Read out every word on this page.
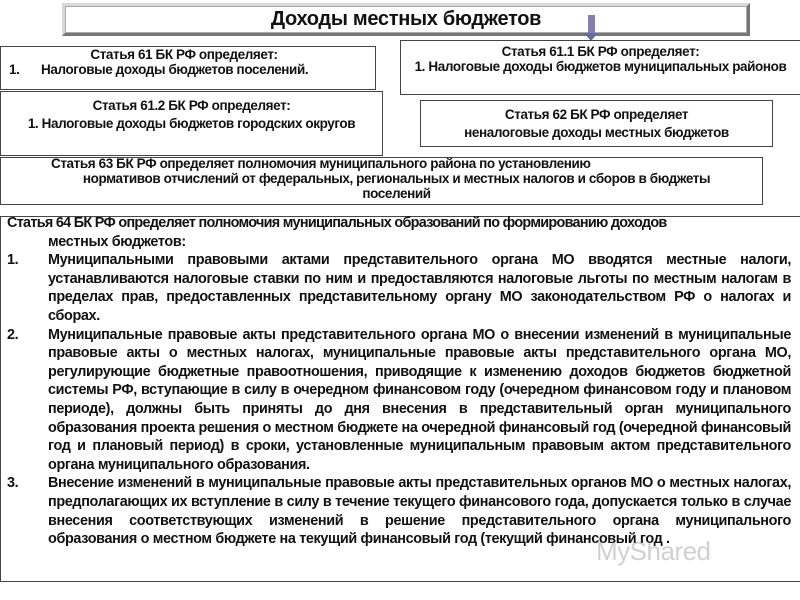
Доходы местных бюджетов
Статья 61 БК РФ определяет:
1.	Налоговые доходы бюджетов поселений.
Статья 61.1 БК РФ определяет:
1. Налоговые доходы бюджетов муниципальных районов
Статья 61.2 БК РФ определяет:
1. Налоговые доходы бюджетов городских округов
Статья 62 БК РФ определяет неналоговые доходы местных бюджетов
Статья 63 БК РФ определяет полномочия муниципального района по установлению
нормативов отчислений от федеральных, региональных и местных налогов и сборов в бюджеты поселений
Статья 64 БК РФ определяет полномочия муниципальных образований по формированию доходов
местных бюджетов:
1.	Муниципальными правовыми актами представительного органа МО вводятся местные налоги, устанавливаются налоговые ставки по ним и предоставляются налоговые льготы по местным налогам в пределах прав, предоставленных представительному органу МО законодательством РФ о налогах и сборах.
2.	Муниципальные правовые акты представительного органа МО о внесении изменений в муниципальные правовые акты о местных налогах, муниципальные правовые акты представительного органа МО, регулирующие бюджетные правоотношения, приводящие к изменению доходов бюджетов бюджетной системы РФ, вступающие в силу в очередном финансовом году (очередном финансовом году и плановом периоде), должны быть приняты до дня внесения в представительный орган муниципального образования проекта решения о местном бюджете на очередной финансовый год (очередной финансовый год и плановый период) в сроки, установленные муниципальным правовым актом представительного органа муниципального образования.
3.	Внесение изменений в муниципальные правовые акты представительных органов МО о местных налогах, предполагающих их вступление в силу в течение текущего финансового года, допускается только в случае внесения соответствующих изменений в решение представительного органа муниципального образования о местном бюджете на текущий финансовый год (текущий финансовый год .
MyShared
